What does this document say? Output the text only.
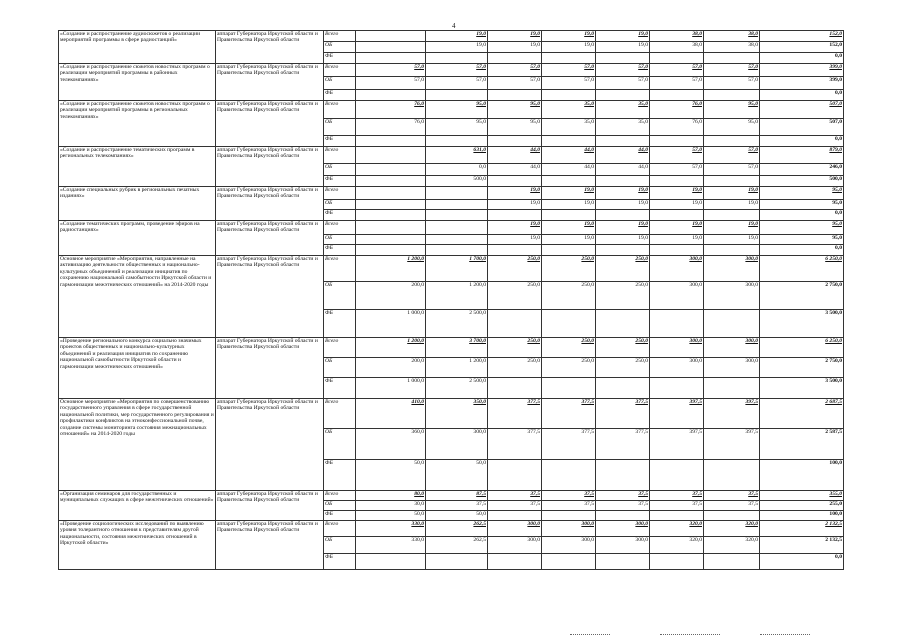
4
«Создание и распространение аудиосюжетов о реализации мероприятий программы в сфере радиостанций»	аппарат Губернатора Иркутской области и Правительства Иркутской области	Всего		19,0	19,0	19,0	19,0	38,0	38,0	152,0
		ОБ		19,0	19,0	19,0	19,0	38,0	38,0	152,0
		ФБ								0,0
«Создание и распространение сюжетов новостных программ о реализации мероприятий программы в районных телекомпаниях»	аппарат Губернатора Иркутской области и Правительства Иркутской области	Всего	57,0	57,0	57,0	57,0	57,0	57,0	57,0	399,0
		ОБ	57,0	57,0	57,0	57,0	57,0	57,0	57,0	399,0
		ФБ								0,0
«Создание и распространение сюжетов новостных программ о реализации мероприятий программы в региональных телекомпаниях»	аппарат Губернатора Иркутской области и Правительства Иркутской области	Всего	76,0	95,0	95,0	35,0	35,0	76,0	95,0	507,0
		ОБ	76,0	95,0	95,0	35,0	35,0	76,0	95,0	507,0
		ФБ								0,0
«Создание и распространение тематических программ в региональных телекомпаниях»	аппарат Губернатора Иркутской области и Правительства Иркутской области	Всего		631,0	44,0	44,0	44,0	57,0	57,0	879,0
		ОБ		0,0	44,0	44,0	44,0	57,0	57,0	246,0
		ФБ		500,0						500,0
«Создание специальных рубрик в региональных печатных изданиях»	аппарат Губернатора Иркутской области и Правительства Иркутской области	Всего			19,0	19,0	19,0	19,0	19,0	95,0
		ОБ			19,0	19,0	19,0	19,0	19,0	95,0
		ФБ								0,0
«Создание тематических программ, проведение эфиров на радиостанциях»	аппарат Губернатора Иркутской области и Правительства Иркутской области	Всего			19,0	19,0	19,0	19,0	19,0	95,0
		ОБ			19,0	19,0	19,0	19,0	19,0	95,0
		ФБ								0,0
Основное мероприятие «Мероприятия, направленные на активизацию деятельности общественных и национально-культурных объединений и реализации инициатив по сохранению национальной самобытности Иркутской области и гармонизации межэтнических отношений» на 2014-2020 годы	аппарат Губернатора Иркутской области и Правительства Иркутской области	Всего	1 200,0	1 700,0	250,0	250,0	250,0	300,0	300,0	6 250,0
		ОБ	200,0	1 200,0	250,0	250,0	250,0	300,0	300,0	2 750,0
		ФБ	1 000,0	2 500,0						3 500,0
«Проведение регионального конкурса социально значимых проектов общественных и национально-культурных объединений и реализация инициатив по сохранению национальной самобытности Иркутской области и гармонизации межэтнических отношений»	аппарат Губернатора Иркутской области и Правительства Иркутской области	Всего	1 200,0	3 700,0	250,0	250,0	250,0	300,0	300,0	6 250,0
		ОБ	200,0	1 200,0	250,0	250,0	250,0	300,0	300,0	2 750,0
		ФБ	1 000,0	2 500,0						3 500,0
Основное мероприятие «Мероприятия по совершенствованию государственного управления в сфере государственной национальной политики, мер государственного регулирования и профилактики конфликтов на этноконфессиональной почве, создание системы мониторинга состояния межнациональных отношений» на 2014-2020 годы	аппарат Губернатора Иркутской области и Правительства Иркутской области	Всего	410,0	350,0	377,5	377,5	377,5	397,5	397,5	2 687,5
		ОБ	360,0	300,0	377,5	377,5	377,5	397,5	397,5	2 587,5
		ФБ	50,0	50,0						100,0
«Организация семинаров для государственных и муниципальных служащих в сфере межэтнических отношений»	аппарат Губернатора Иркутской области и Правительства Иркутской области	Всего	80,0	87,5	37,5	37,5	37,5	37,5	37,5	355,0
		ОБ	30,0	37,5	37,5	37,5	37,5	37,5	37,5	255,0
		ФБ	50,0	50,0						100,0
«Проведение социологических исследований по выявлению уровня толерантного отношения к представителям другой национальности, состояния межэтнических отношений в Иркутской области»	аппарат Губернатора Иркутской области и Правительства Иркутской области	Всего	330,0	262,5	300,0	300,0	300,0	320,0	320,0	2 132,5
		ОБ	330,0	262,5	300,0	300,0	300,0	320,0	320,0	2 132,5
		ФБ								0,0
